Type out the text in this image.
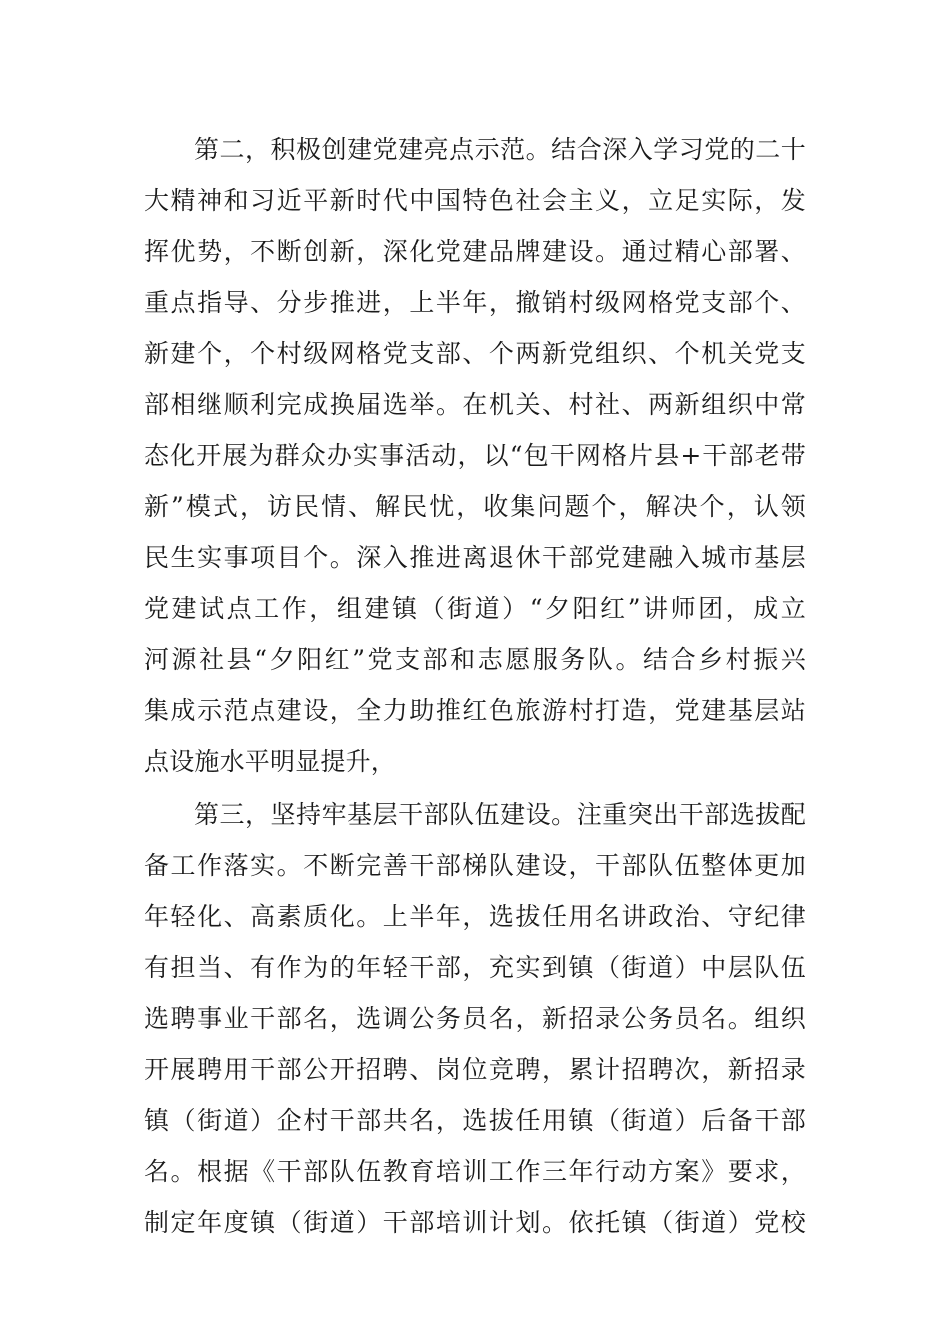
第二，积极创建党建亮点示范。结合深入学习党的二十
大精神和习近平新时代中国特色社会主义，立足实际，发
挥优势，不断创新，深化党建品牌建设。通过精心部署、
重点指导、分步推进，上半年，撤销村级网格党支部个、
新建个，个村级网格党支部、个两新党组织、个机关党支
部相继顺利完成换届选举。在机关、村社、两新组织中常
态化开展为群众办实事活动，以“包干网格片县+干部老带
新”模式，访民情、解民忧，收集问题个，解决个，认领
民生实事项目个。深入推进离退休干部党建融入城市基层
党建试点工作，组建镇（街道）“夕阳红”讲师团，成立
河源社县“夕阳红”党支部和志愿服务队。结合乡村振兴
集成示范点建设，全力助推红色旅游村打造，党建基层站
点设施水平明显提升，
第三，坚持牢基层干部队伍建设。注重突出干部选拔配
备工作落实。不断完善干部梯队建设，干部队伍整体更加
年轻化、高素质化。上半年，选拔任用名讲政治、守纪律
有担当、有作为的年轻干部，充实到镇（街道）中层队伍
选聘事业干部名，选调公务员名，新招录公务员名。组织
开展聘用干部公开招聘、岗位竞聘，累计招聘次，新招录
镇（街道）企村干部共名，选拔任用镇（街道）后备干部
名。根据《干部队伍教育培训工作三年行动方案》要求，
制定年度镇（街道）干部培训计划。依托镇（街道）党校
